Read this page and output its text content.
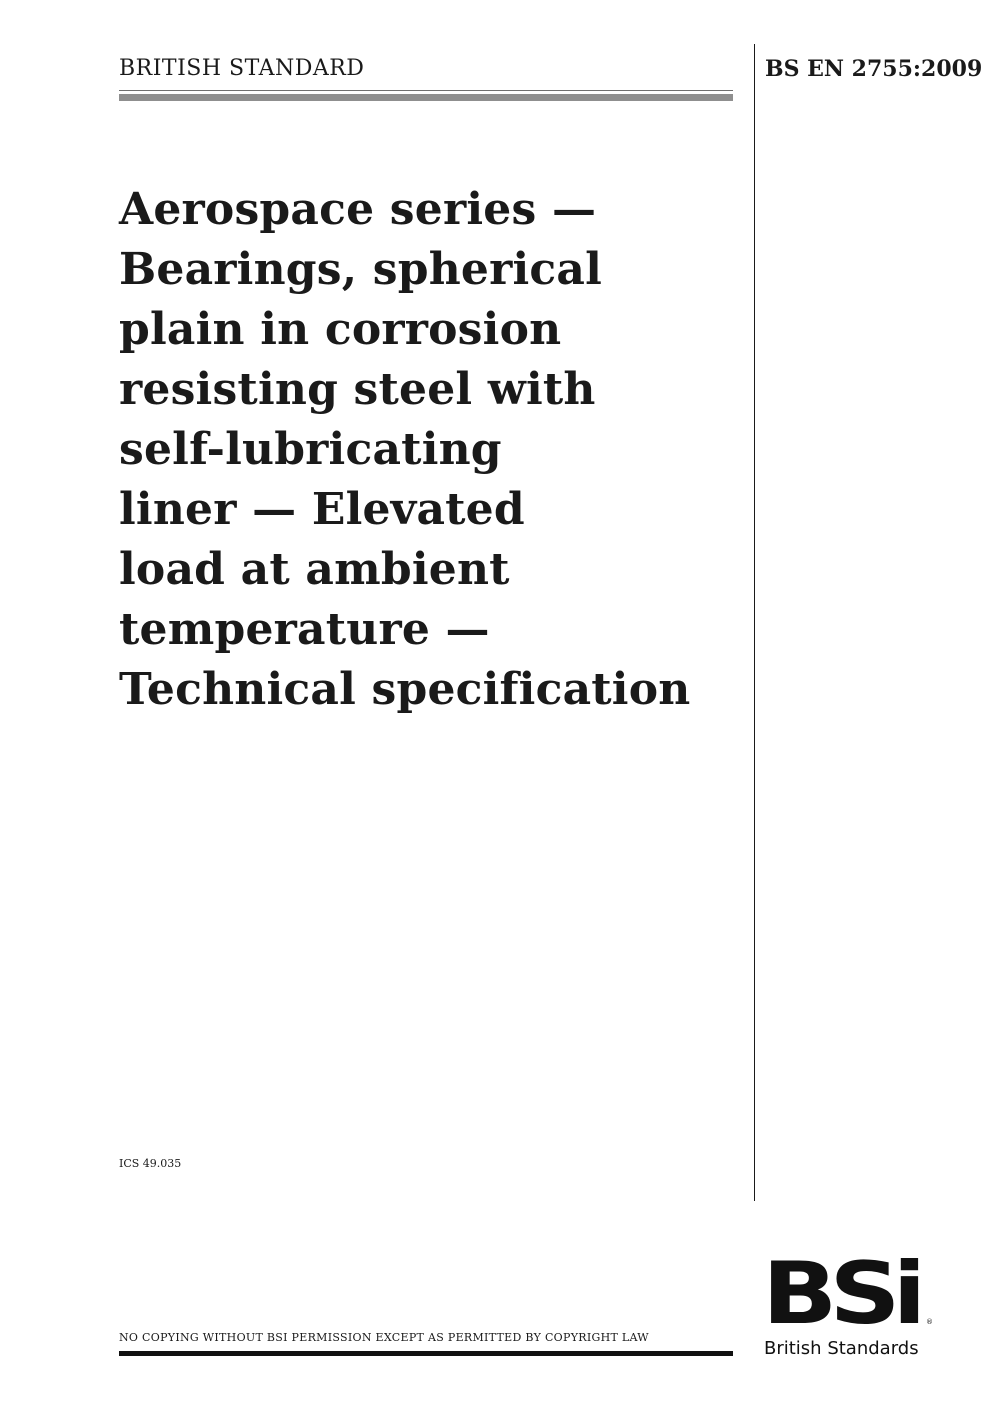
BRITISH STANDARD	BS EN 2755:2009
Aerospace series —
Bearings, spherical
plain in corrosion
resisting steel with
self-lubricating
liner — Elevated
load at ambient
temperature —
Technical specification
ICS 49.035
NO COPYING WITHOUT BSI PERMISSION EXCEPT AS PERMITTED BY COPYRIGHT LAW BSi ®
British Standards
